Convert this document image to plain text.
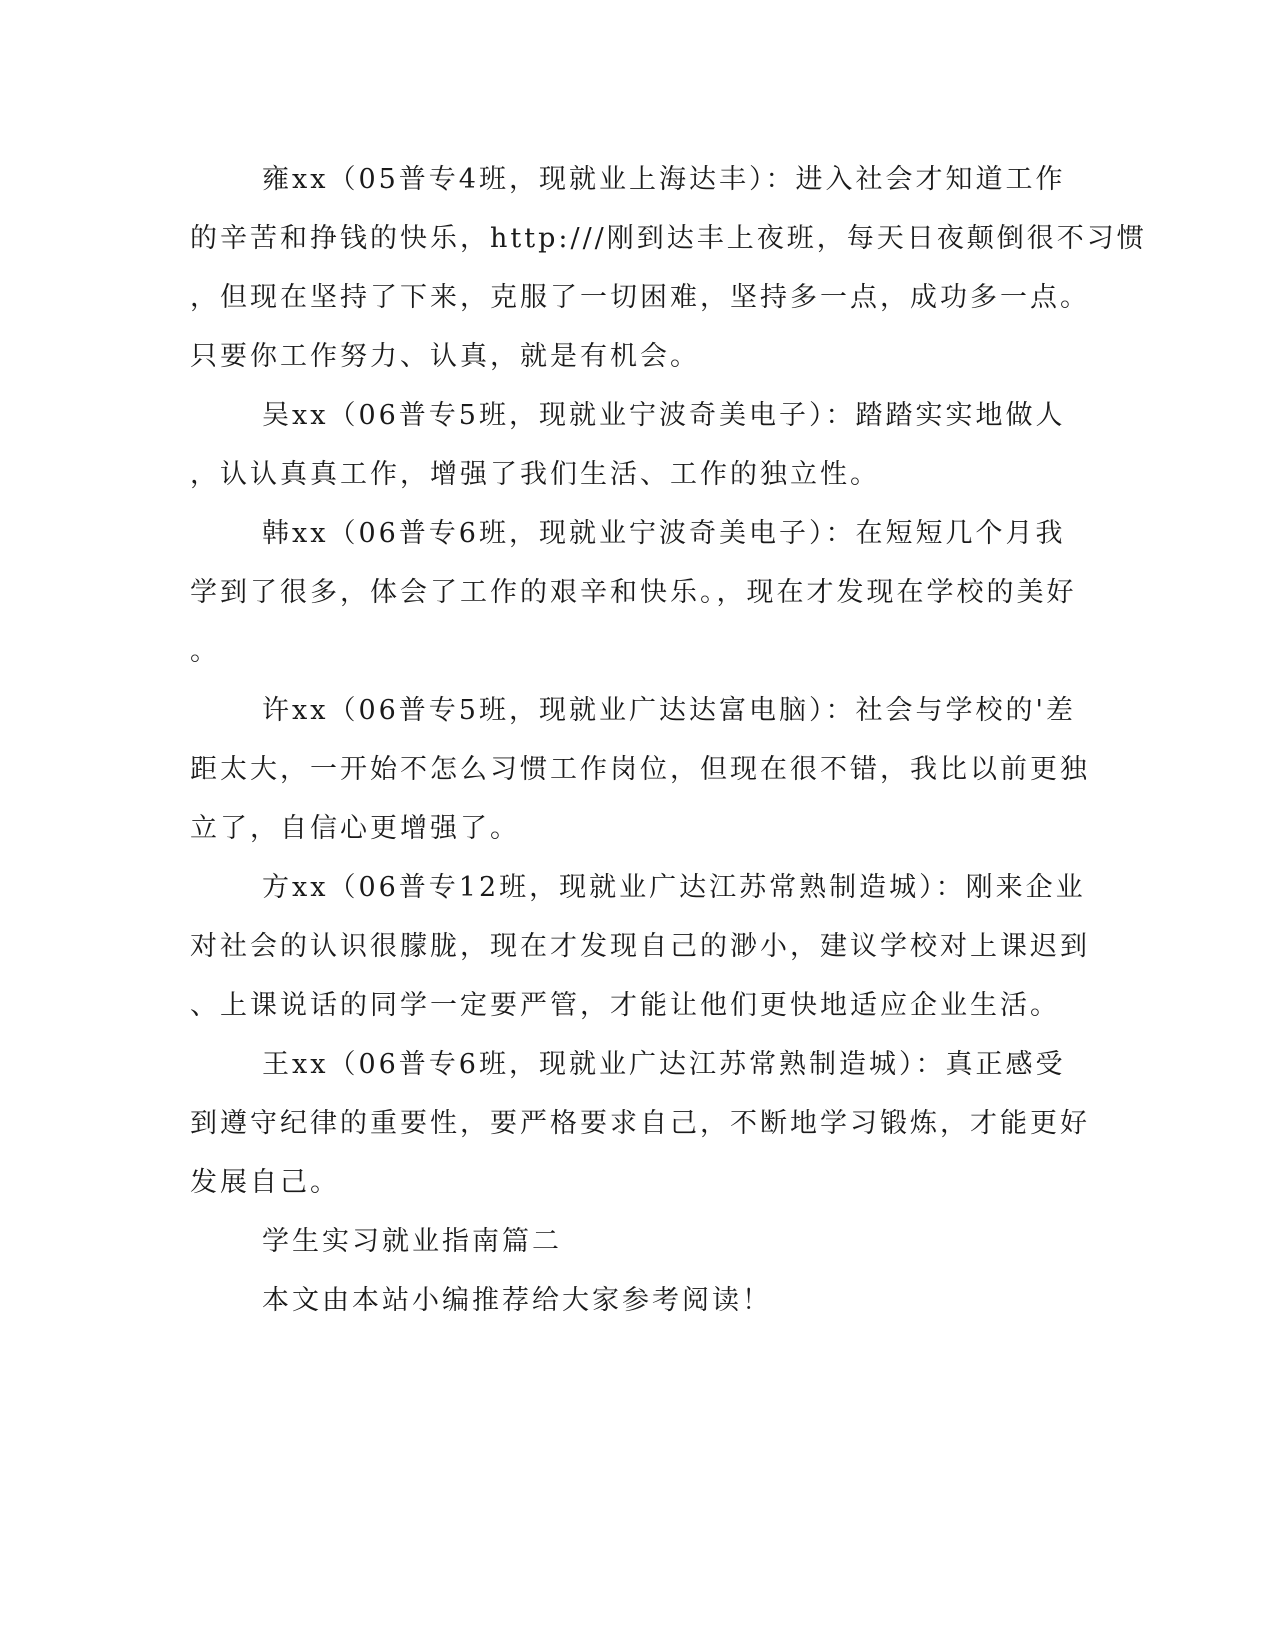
雍xx（05普专4班，现就业上海达丰）：进入社会才知道工作
的辛苦和挣钱的快乐，http:///刚到达丰上夜班，每天日夜颠倒很不习惯
，但现在坚持了下来，克服了一切困难，坚持多一点，成功多一点。
只要你工作努力、认真，就是有机会。
吴xx（06普专5班，现就业宁波奇美电子）：踏踏实实地做人
，认认真真工作，增强了我们生活、工作的独立性。
韩xx（06普专6班，现就业宁波奇美电子）：在短短几个月我
学到了很多，体会了工作的艰辛和快乐。，现在才发现在学校的美好
。
许xx（06普专5班，现就业广达达富电脑）：社会与学校的'差
距太大，一开始不怎么习惯工作岗位，但现在很不错，我比以前更独
立了，自信心更增强了。
方xx（06普专12班，现就业广达江苏常熟制造城）：刚来企业
对社会的认识很朦胧，现在才发现自己的渺小，建议学校对上课迟到
、上课说话的同学一定要严管，才能让他们更快地适应企业生活。
王xx（06普专6班，现就业广达江苏常熟制造城）：真正感受
到遵守纪律的重要性，要严格要求自己，不断地学习锻炼，才能更好
发展自己。
学生实习就业指南篇二
本文由本站小编推荐给大家参考阅读！
